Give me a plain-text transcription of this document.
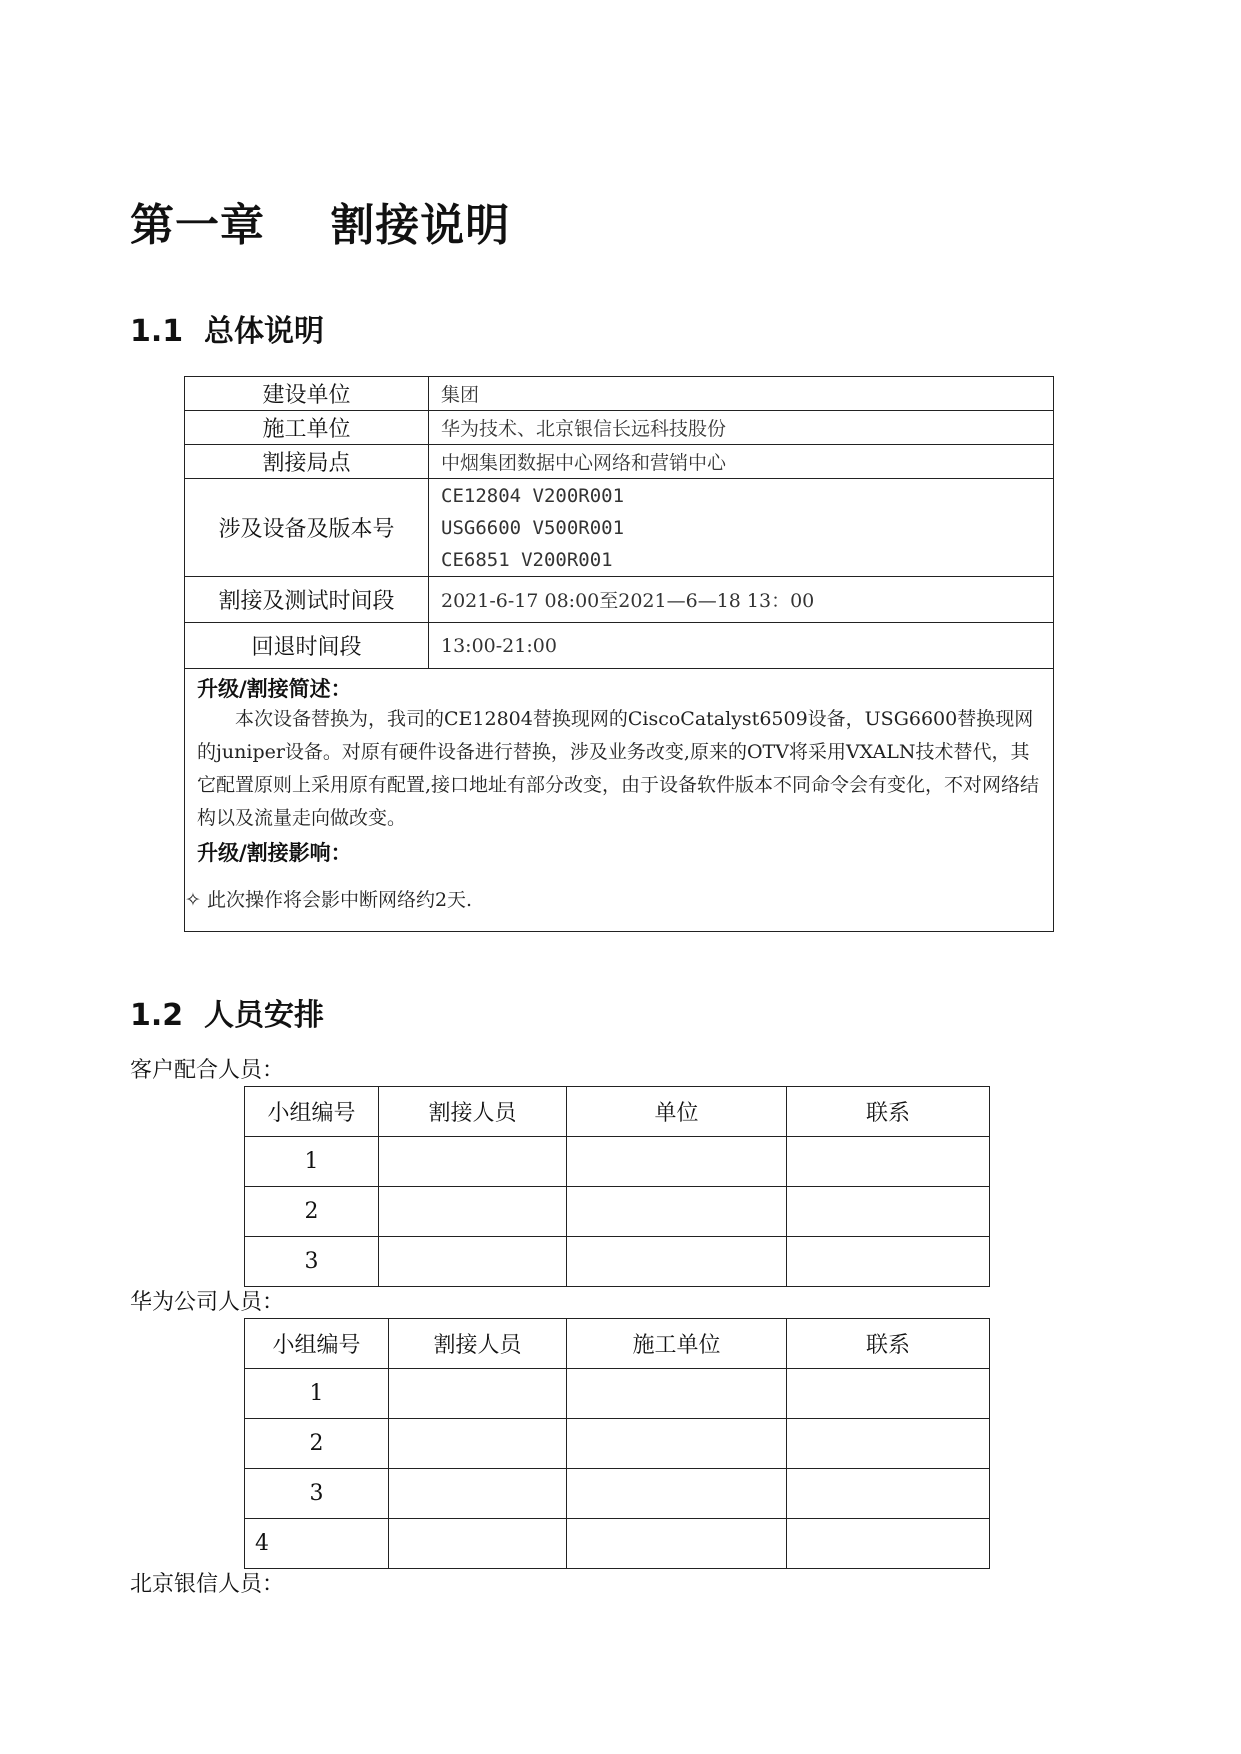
第一章    割接说明
1.1  总体说明
建设单位	集团
施工单位	华为技术、北京银信长远科技股份
割接局点	中烟集团数据中心网络和营销中心
涉及设备及版本号	CE12804 V200R001
USG6600 V500R001
CE6851 V200R001

割接及测试时间段	2021-6-17 08:00至2021—6—18 13：00
回退时间段	13:00-21:00

升级/割接简述：
本次设备替换为，我司的CE12804替换现网的CiscoCatalyst6509设备，USG6600替换现网的juniper设备。对原有硬件设备进行替换，涉及业务改变,原来的OTV将采用VXALN技术替代，其它配置原则上采用原有配置,接口地址有部分改变，由于设备软件版本不同命令会有变化，不对网络结构以及流量走向做改变。
升级/割接影响：
✧ 此次操作将会影中断网络约2天.	
1.2  人员安排
客户配合人员：
小组编号	割接人员	单位	联系
1			
2			
3			
华为公司人员：
小组编号	割接人员	施工单位	联系
1			
2			
3			
4			
北京银信人员：
